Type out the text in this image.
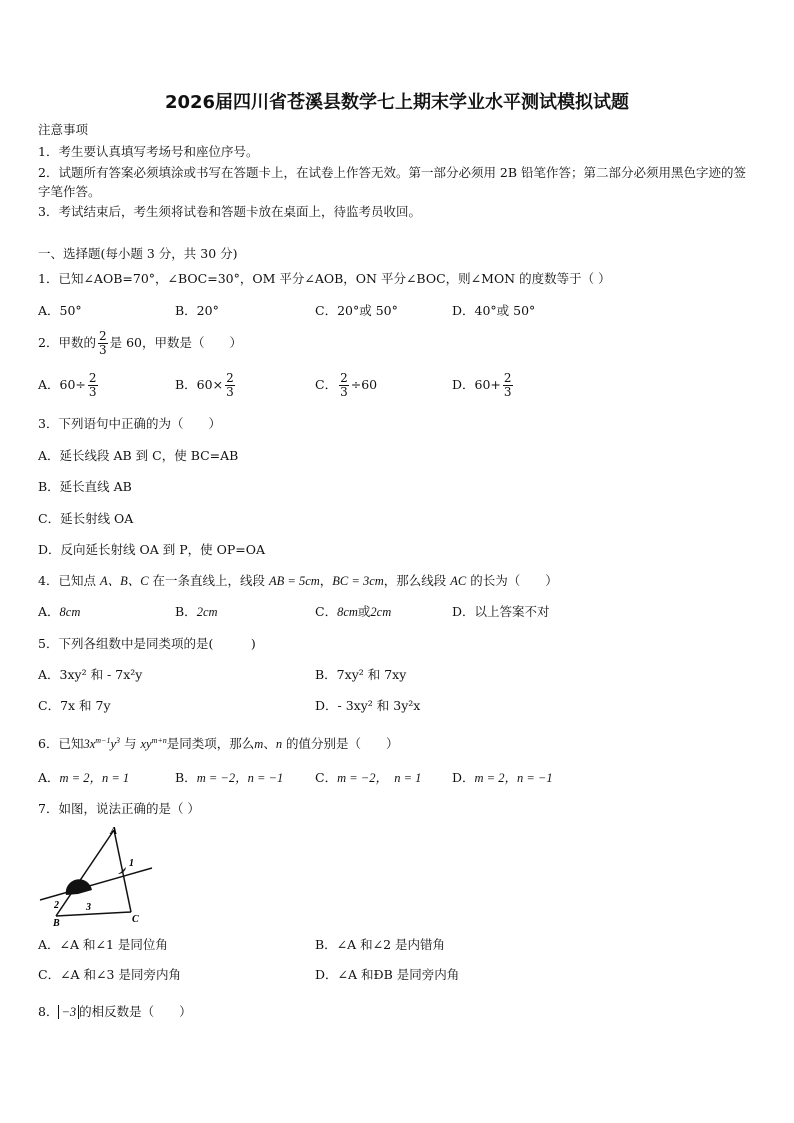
2026届四川省苍溪县数学七上期末学业水平测试模拟试题
注意事项
1．考生要认真填写考场号和座位序号。
2．试题所有答案必须填涂或书写在答题卡上，在试卷上作答无效。第一部分必须用 2B 铅笔作答；第二部分必须用黑色字迹的签字笔作答。
3．考试结束后，考生须将试卷和答题卡放在桌面上，待监考员收回。
一、选择题(每小题 3 分，共 30 分)
1．已知∠AOB=70°，∠BOC=30°，OM 平分∠AOB，ON 平分∠BOC，则∠MON 的度数等于（ ）
A．50°	B．20°	C．20°或 50°	D．40°或 50°
2．甲数的 $\frac{2}{3}$ 是 60，甲数是（　　）
A．$60\div \frac{2}{3}$	B．$60\times \frac{2}{3}$	C． $\frac{2}{3} \div 60$	D．$60+ \frac{2}{3}$
3．下列语句中正确的为（　　）
A．延长线段 AB 到 C，使 BC=AB
B．延长直线 AB
C．延长射线 OA
D．反向延长射线 OA 到 P，使 OP=OA
4．已知点 A、B、C 在一条直线上，线段 AB = 5cm，BC = 3cm，那么线段 AC 的长为（　　）
A．8cm	B．2cm	C．8cm或2cm	D．以上答案不对
5．下列各组数中是同类项的是(　　　)
A．3xy² 和 - 7x²y	B．7xy² 和 7xy
C．7x 和 7y	D．- 3xy² 和 3y²x
6．已知$3x^{m-1}y^3$ 与 $xy^{m+n}$是同类项，那么m、n 的值分别是（　　）
A．m = 2，n = 1	B．m = −2，n = −1	C．m = −2，　n = 1 D．m = 2，n = −1
7．如图，说法正确的是（ ）
A
1
2	3
B	C
A．∠A 和∠1 是同位角	B．∠A 和∠2 是内错角
C．∠A 和∠3 是同旁内角	D．∠A 和ÐB 是同旁内角
8． −3 的相反数是（　　）
